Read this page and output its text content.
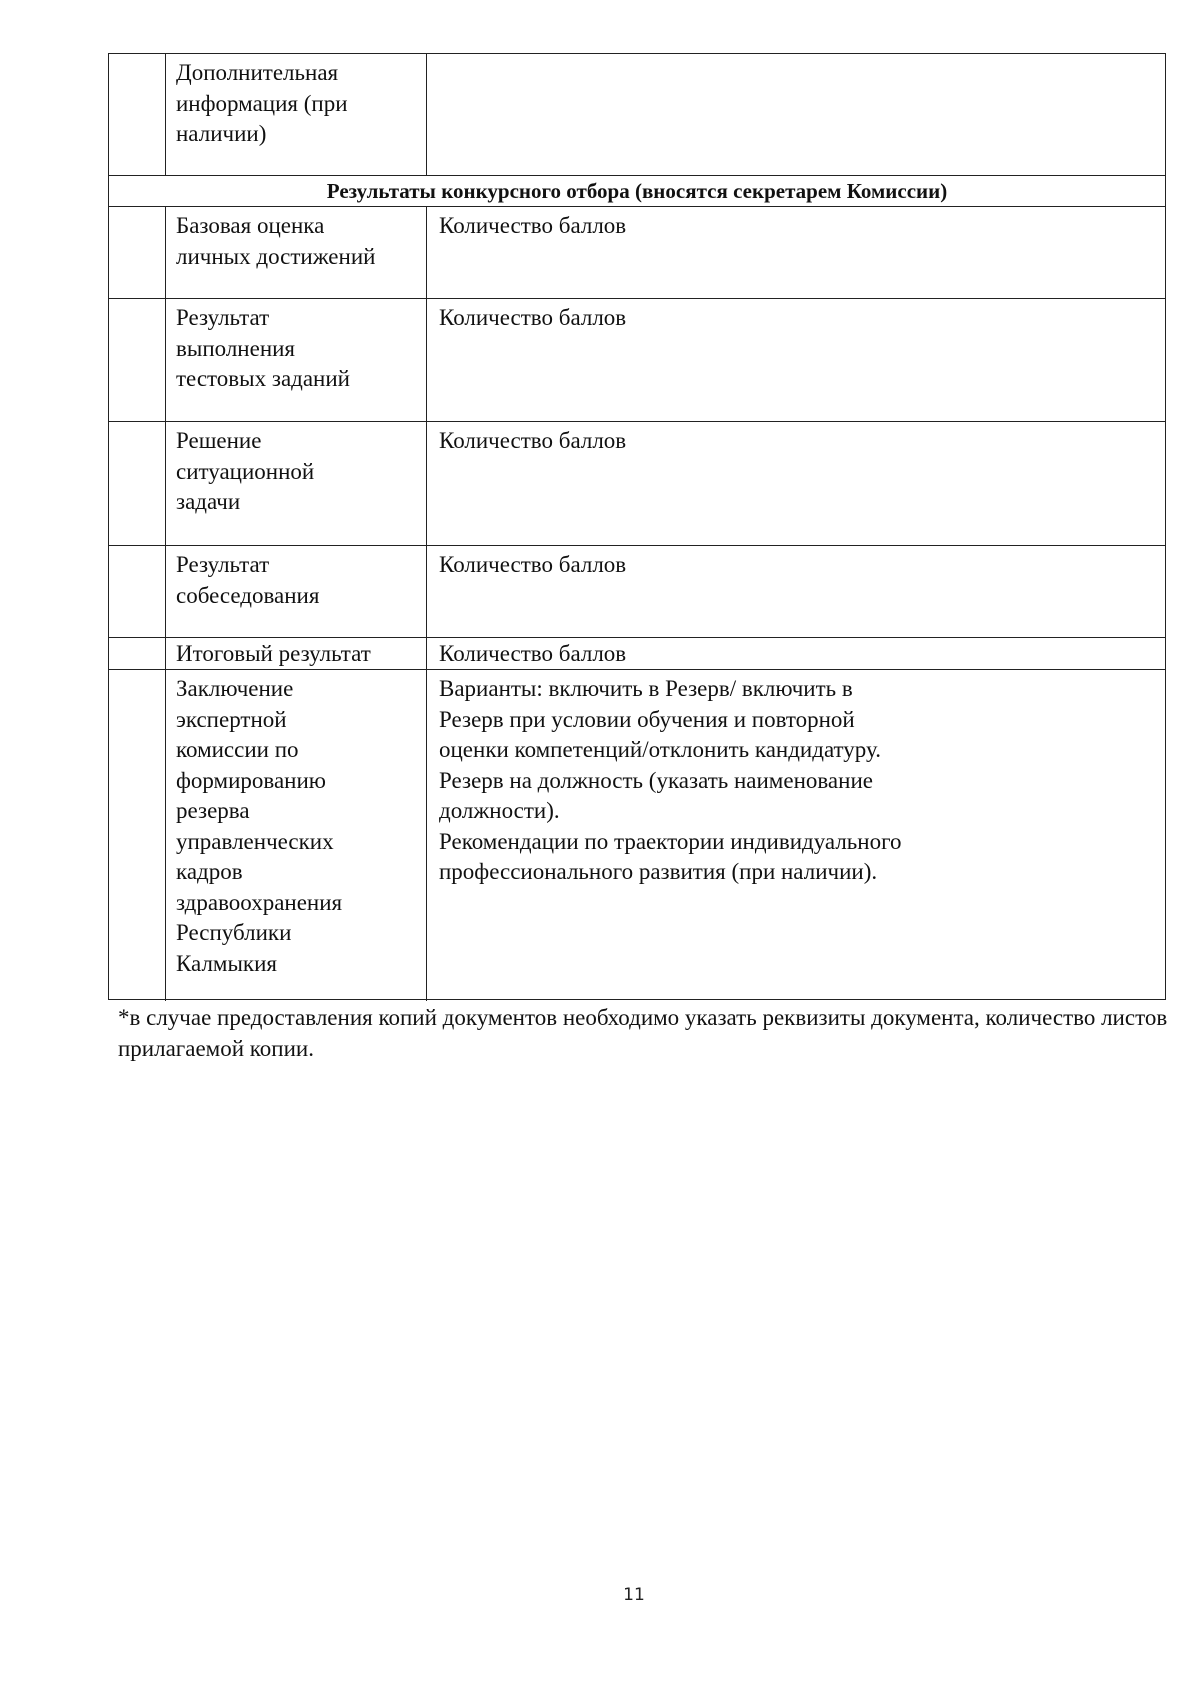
Дополнительная
информация (при
наличии)
Результаты конкурсного отбора (вносятся секретарем Комиссии)
Базовая оценка
личных достижений
Количество баллов
Результат
выполнения
тестовых заданий
Количество баллов
Решение
ситуационной
задачи
Количество баллов
Результат
собеседования
Количество баллов
Итоговый результат	Количество баллов
Заключение
экспертной
комиссии по
формированию
резерва
управленческих
кадров
здравоохранения
Республики
Калмыкия
Варианты: включить в Резерв/ включить в
Резерв при условии обучения и повторной
оценки компетенций/отклонить кандидатуру.
Резерв на должность (указать наименование
должности).
Рекомендации по траектории индивидуального
профессионального развития (при наличии).
*в случае предоставления копий документов необходимо указать реквизиты документа, количество листов прилагаемой копии.
11
